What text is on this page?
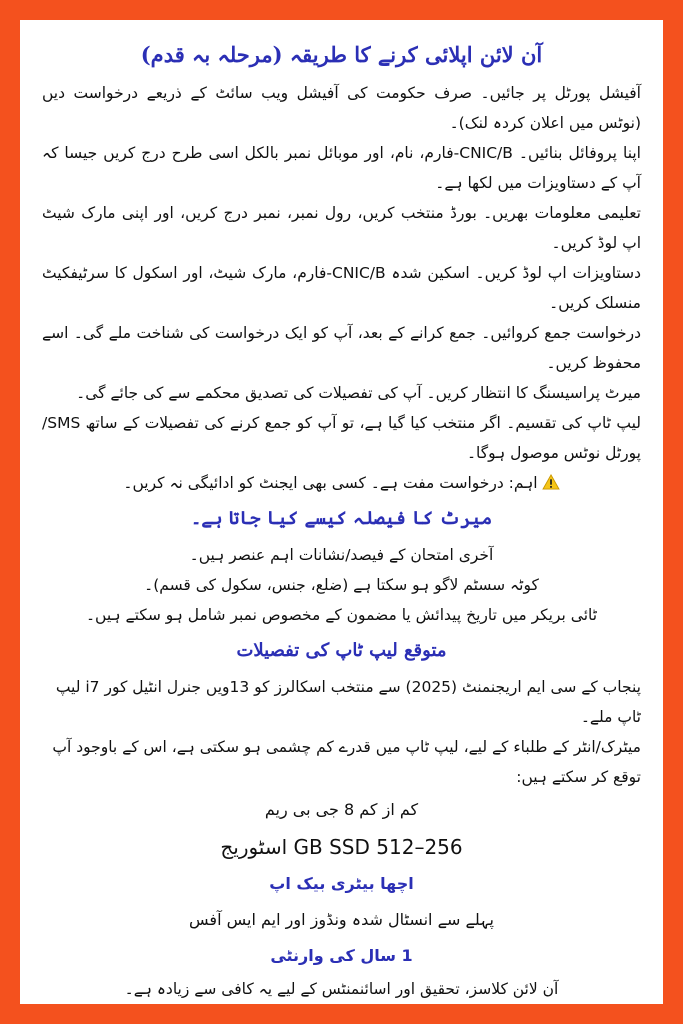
آن لائن اپلائی کرنے کا طریقہ (مرحلہ بہ قدم)

آفیشل پورٹل پر جائیں۔ صرف حکومت کی آفیشل ویب سائٹ کے ذریعے درخواست دیں (نوٹس میں اعلان کردہ لنک)۔

اپنا پروفائل بنائیں۔ CNIC/B-فارم، نام، اور موبائل نمبر بالکل اسی طرح درج کریں جیسا کہ آپ کے دستاویزات میں لکھا ہے۔

تعلیمی معلومات بھریں۔ بورڈ منتخب کریں، رول نمبر، نمبر درج کریں، اور اپنی مارک شیٹ اپ لوڈ کریں۔

دستاویزات اپ لوڈ کریں۔ اسکین شدہ CNIC/B-فارم، مارک شیٹ، اور اسکول کا سرٹیفکیٹ منسلک کریں۔

درخواست جمع کروائیں۔ جمع کرانے کے بعد، آپ کو ایک درخواست کی شناخت ملے گی۔ اسے محفوظ کریں۔

میرٹ پراسیسنگ کا انتظار کریں۔ آپ کی تفصیلات کی تصدیق محکمے سے کی جائے گی۔

لیپ ٹاپ کی تقسیم۔ اگر منتخب کیا گیا ہے، تو آپ کو جمع کرنے کی تفصیلات کے ساتھ SMS/پورٹل نوٹس موصول ہوگا۔

اہم: درخواست مفت ہے۔ کسی بھی ایجنٹ کو ادائیگی نہ کریں۔

میرٹ کا فیصلہ کیسے کیا جاتا ہے۔

آخری امتحان کے فیصد/نشانات اہم عنصر ہیں۔

کوٹہ سسٹم لاگو ہو سکتا ہے (ضلع، جنس، سکول کی قسم)۔

ٹائی بریکر میں تاریخ پیدائش یا مضمون کے مخصوص نمبر شامل ہو سکتے ہیں۔

متوقع لیپ ٹاپ کی تفصیلات

پنجاب کے سی ایم اریجنمنٹ (2025) سے منتخب اسکالرز کو 13ویں جنرل انٹیل کور i7 لیپ ٹاپ ملے۔

میٹرک/انٹر کے طلباء کے لیے، لیپ ٹاپ میں قدرے کم چشمی ہو سکتی ہے، اس کے باوجود آپ توقع کر سکتے ہیں:

کم از کم 8 جی بی ریم

256–512 GB SSD اسٹوریج

اچھا بیٹری بیک اپ

پہلے سے انسٹال شدہ ونڈوز اور ایم ایس آفس

1 سال کی وارنٹی

آن لائن کلاسز، تحقیق اور اسائنمنٹس کے لیے یہ کافی سے زیادہ ہے۔
